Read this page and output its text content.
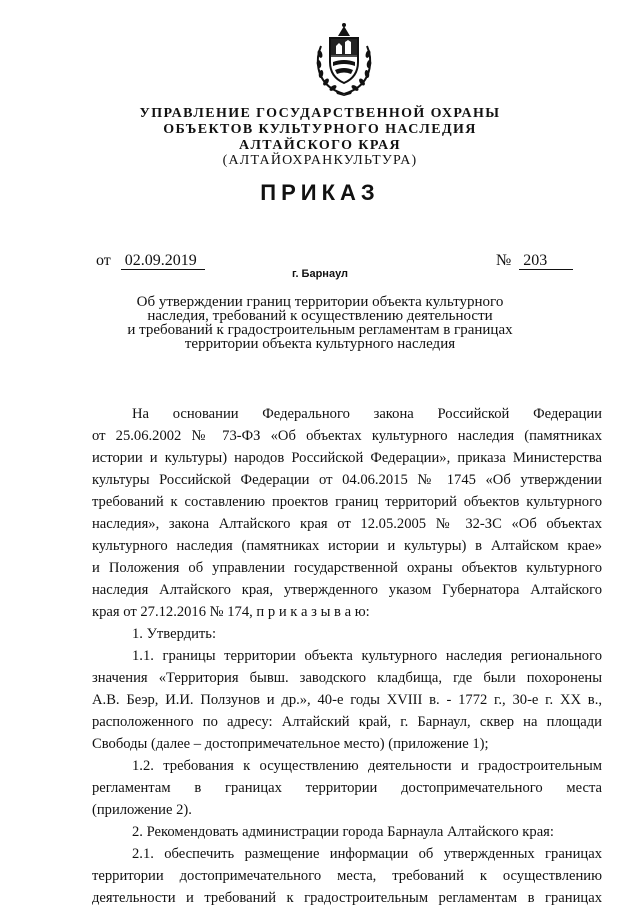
УПРАВЛЕНИЕ ГОСУДАРСТВЕННОЙ ОХРАНЫ
ОБЪЕКТОВ КУЛЬТУРНОГО НАСЛЕДИЯ
АЛТАЙСКОГО КРАЯ
(АЛТАЙОХРАНКУЛЬТУРА)
ПРИКАЗ
от 02.09.2019	№ 203
г. Барнаул
Об утверждении границ территории объекта культурного
наследия, требований к осуществлению деятельности
и требований к градостроительным регламентам в границах
территории объекта культурного наследия
На основании Федерального закона Российской Федерации
от 25.06.2002 № 73-ФЗ «Об объектах культурного наследия (памятниках
истории и культуры) народов Российской Федерации», приказа Министерства
культуры Российской Федерации от 04.06.2015 № 1745 «Об утверждении
требований к составлению проектов границ территорий объектов культурного
наследия», закона Алтайского края от 12.05.2005 № 32-ЗС «Об объектах
культурного наследия (памятниках истории и культуры) в Алтайском крае»
и Положения об управлении государственной охраны объектов культурного
наследия Алтайского края, утвержденного указом Губернатора Алтайского
края от 27.12.2016 № 174, п р и к а з ы в а ю:
1. Утвердить:
1.1. границы территории объекта культурного наследия регионального
значения «Территория бывш. заводского кладбища, где были похоронены
А.В. Беэр, И.И. Ползунов и др.», 40-е годы XVIII в. - 1772 г., 30-е г. XX в.,
расположенного по адресу: Алтайский край, г. Барнаул, сквер на площади
Свободы (далее – достопримечательное место) (приложение 1);
1.2. требования к осуществлению деятельности и градостроительным
регламентам в границах территории достопримечательного места
(приложение 2).
2. Рекомендовать администрации города Барнаула Алтайского края:
2.1. обеспечить размещение информации об утвержденных границах
территории достопримечательного места, требований к осуществлению
деятельности и требований к градостроительным регламентам в границах
